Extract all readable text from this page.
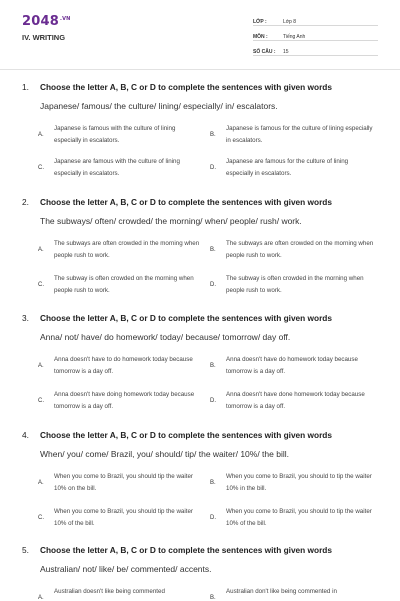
$2048^{.VN}$
IV. WRITING
LỚP :	Lớp 8
MÔN :	Tiếng Anh
SỐ CÂU :	15
1. Choose the letter A, B, C or D to complete the sentences with given words
Japanese/ famous/ the culture/ lining/ especially/ in/ escalators.
A.
Japanese is famous with the culture of lining especially in escalators.
B.
Japanese is famous for the culture of lining especially in escalators.
C.
Japanese are famous with the culture of lining especially in escalators.
D.
Japanese are famous for the culture of lining especially in escalators.
2. Choose the letter A, B, C or D to complete the sentences with given words
The subways/ often/ crowded/ the morning/ when/ people/ rush/ work.
A.
The subways are often crowded in the morning when people rush to work.
B.
The subways are often crowded on the morning when people rush to work.
C.
The subway is often crowded on the morning when people rush to work.
D.
The subway is often crowded in the morning when people rush to work.
3. Choose the letter A, B, C or D to complete the sentences with given words
Anna/ not/ have/ do homework/ today/ because/ tomorrow/ day off.
A.
Anna doesn't have to do homework today because tomorrow is a day off.
B.
Anna doesn't have do homework today because tomorrow is a day off.
C.
Anna doesn't have doing homework today because tomorrow is a day off.
D.
Anna doesn't have done homework today because tomorrow is a day off.
4. Choose the letter A, B, C or D to complete the sentences with given words
When/ you/ come/ Brazil, you/ should/ tip/ the waiter/ 10%/ the bill.
A.
When you come to Brazil, you should tip the waiter 10% on the bill.
B.
When you come to Brazil, you should to tip the waiter 10% in the bill.
C.
When you come to Brazil, you should tip the waiter 10% of the bill.
D.
When you come to Brazil, you should to tip the waiter 10% of the bill.
5. Choose the letter A, B, C or D to complete the sentences with given words
Australian/ not/ like/ be/ commented/ accents.
A.
Australian doesn't like being commented
B.
Australian don't like being commented in
